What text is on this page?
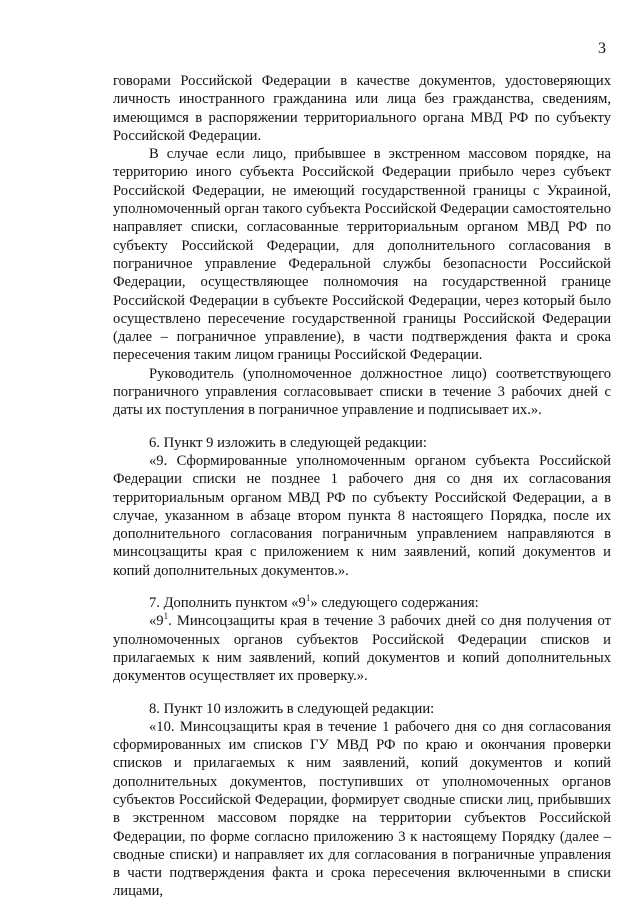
3

говорами Российской Федерации в качестве документов, удостоверяющих личность иностранного гражданина или лица без гражданства, сведениям, имеющимся в распоряжении территориального органа МВД РФ по субъекту Российской Федерации.

В случае если лицо, прибывшее в экстренном массовом порядке, на территорию иного субъекта Российской Федерации прибыло через субъект Российской Федерации, не имеющий государственной границы с Украиной, уполномоченный орган такого субъекта Российской Федерации самостоятельно направляет списки, согласованные территориальным органом МВД РФ по субъекту Российской Федерации, для дополнительного согласования в пограничное управление Федеральной службы безопасности Российской Федерации, осуществляющее полномочия на государственной границе Российской Федерации в субъекте Российской Федерации, через который было осуществлено пересечение государственной границы Российской Федерации (далее – пограничное управление), в части подтверждения факта и срока пересечения таким лицом границы Российской Федерации.

Руководитель (уполномоченное должностное лицо) соответствующего пограничного управления согласовывает списки в течение 3 рабочих дней с даты их поступления в пограничное управление и подписывает их.».

6. Пункт 9 изложить в следующей редакции:

«9. Сформированные уполномоченным органом субъекта Российской Федерации списки не позднее 1 рабочего дня со дня их согласования территориальным органом МВД РФ по субъекту Российской Федерации, а в случае, указанном в абзаце втором пункта 8 настоящего Порядка, после их дополнительного согласования пограничным управлением направляются в минсоцзащиты края с приложением к ним заявлений, копий документов и копий дополнительных документов.».

7. Дополнить пунктом «$9^1$» следующего содержания:

«$9^1$. Минсоцзащиты края в течение 3 рабочих дней со дня получения от уполномоченных органов субъектов Российской Федерации списков и прилагаемых к ним заявлений, копий документов и копий дополнительных документов осуществляет их проверку.».

8. Пункт 10 изложить в следующей редакции:

«10. Минсоцзащиты края в течение 1 рабочего дня со дня согласования сформированных им списков ГУ МВД РФ по краю и окончания проверки списков и прилагаемых к ним заявлений, копий документов и копий дополнительных документов, поступивших от уполномоченных органов субъектов Российской Федерации, формирует сводные списки лиц, прибывших в экстренном массовом порядке на территории субъектов Российской Федерации, по форме согласно приложению 3 к настоящему Порядку (далее – сводные списки) и направляет их для согласования в пограничные управления в части подтверждения факта и срока пересечения включенными в списки лицами,
